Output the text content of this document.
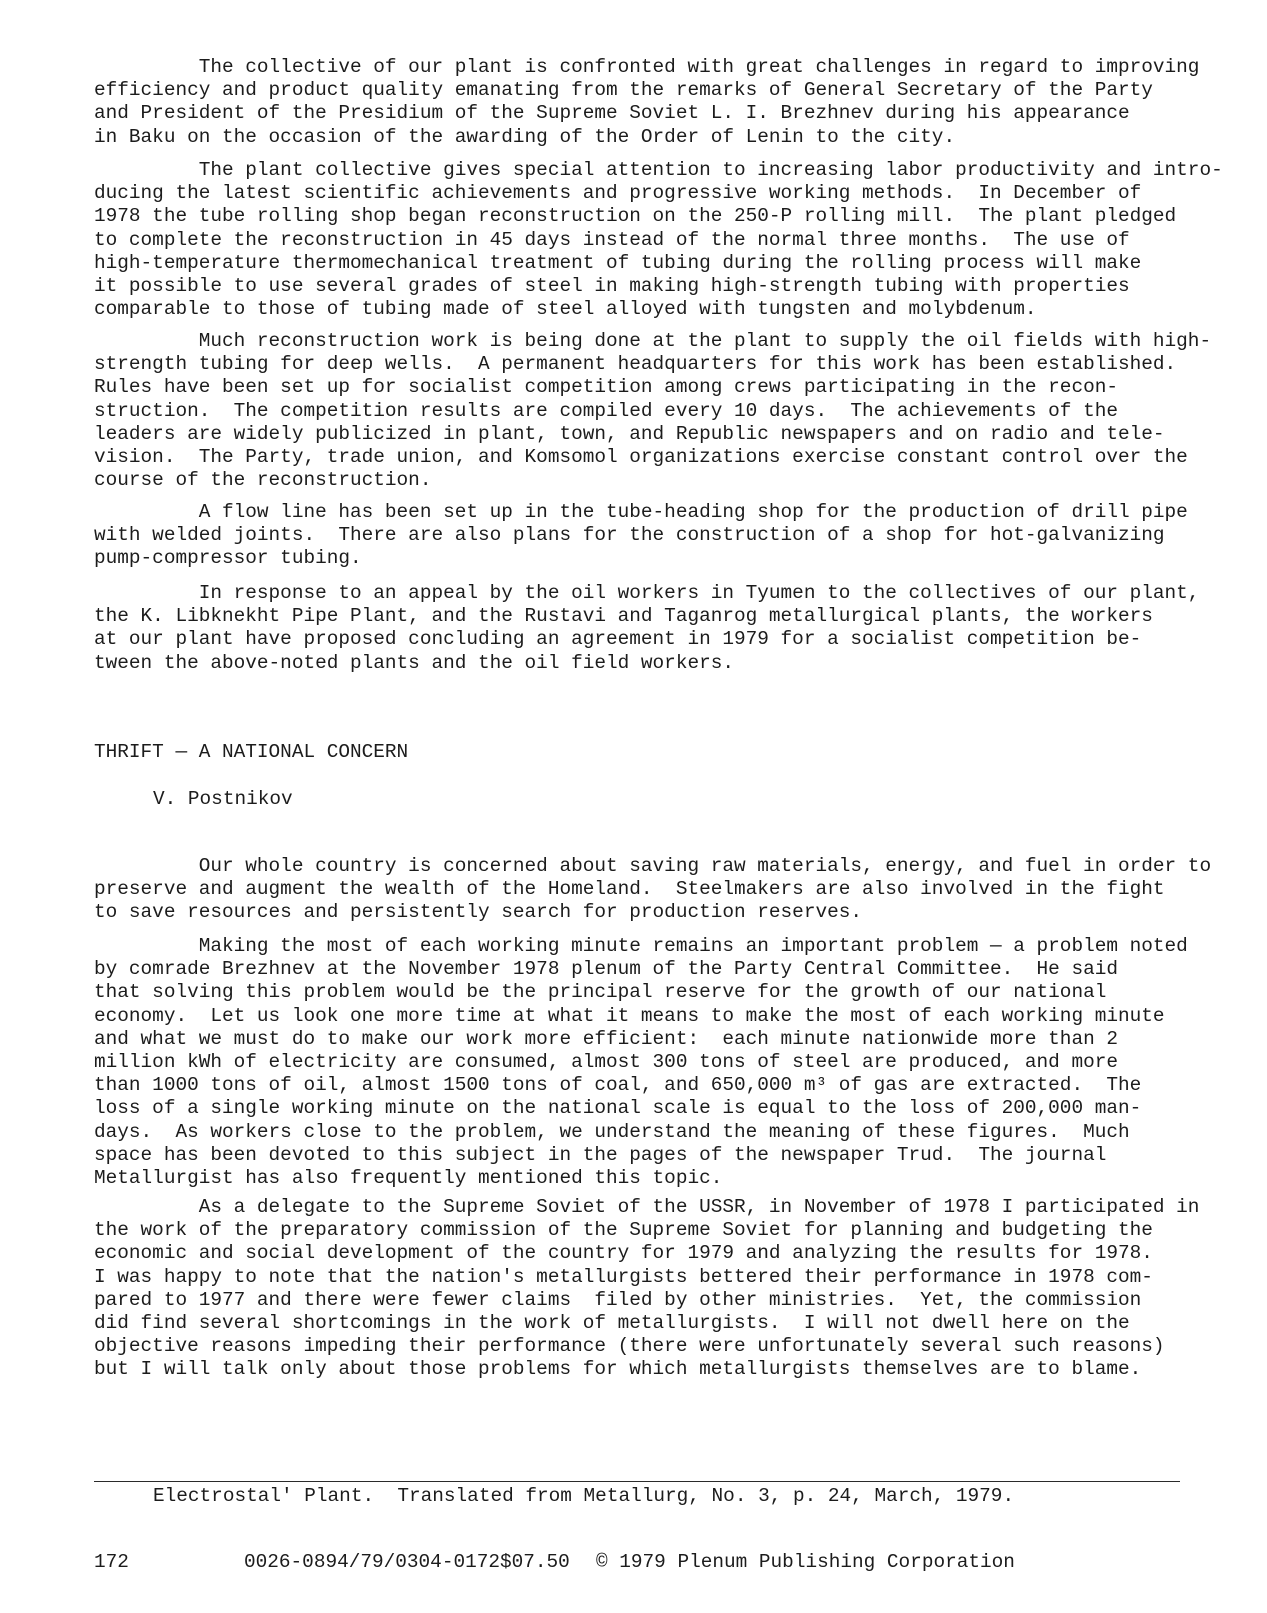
The collective of our plant is confronted with great challenges in regard to improving
efficiency and product quality emanating from the remarks of General Secretary of the Party
and President of the Presidium of the Supreme Soviet L. I. Brezhnev during his appearance
in Baku on the occasion of the awarding of the Order of Lenin to the city.
The plant collective gives special attention to increasing labor productivity and intro-
ducing the latest scientific achievements and progressive working methods.  In December of
1978 the tube rolling shop began reconstruction on the 250-P rolling mill.  The plant pledged
to complete the reconstruction in 45 days instead of the normal three months.  The use of
high-temperature thermomechanical treatment of tubing during the rolling process will make
it possible to use several grades of steel in making high-strength tubing with properties
comparable to those of tubing made of steel alloyed with tungsten and molybdenum.
Much reconstruction work is being done at the plant to supply the oil fields with high-
strength tubing for deep wells.  A permanent headquarters for this work has been established.
Rules have been set up for socialist competition among crews participating in the recon-
struction.  The competition results are compiled every 10 days.  The achievements of the
leaders are widely publicized in plant, town, and Republic newspapers and on radio and tele-
vision.  The Party, trade union, and Komsomol organizations exercise constant control over the
course of the reconstruction.
A flow line has been set up in the tube-heading shop for the production of drill pipe
with welded joints.  There are also plans for the construction of a shop for hot-galvanizing
pump-compressor tubing.
In response to an appeal by the oil workers in Tyumen to the collectives of our plant,
the K. Libknekht Pipe Plant, and the Rustavi and Taganrog metallurgical plants, the workers
at our plant have proposed concluding an agreement in 1979 for a socialist competition be-
tween the above-noted plants and the oil field workers.
THRIFT — A NATIONAL CONCERN
V. Postnikov
Our whole country is concerned about saving raw materials, energy, and fuel in order to
preserve and augment the wealth of the Homeland.  Steelmakers are also involved in the fight
to save resources and persistently search for production reserves.
Making the most of each working minute remains an important problem — a problem noted
by comrade Brezhnev at the November 1978 plenum of the Party Central Committee.  He said
that solving this problem would be the principal reserve for the growth of our national
economy.  Let us look one more time at what it means to make the most of each working minute
and what we must do to make our work more efficient:  each minute nationwide more than 2
million kWh of electricity are consumed, almost 300 tons of steel are produced, and more
than 1000 tons of oil, almost 1500 tons of coal, and 650,000 m³ of gas are extracted.  The
loss of a single working minute on the national scale is equal to the loss of 200,000 man-
days.  As workers close to the problem, we understand the meaning of these figures.  Much
space has been devoted to this subject in the pages of the newspaper Trud.  The journal
Metallurgist has also frequently mentioned this topic.
As a delegate to the Supreme Soviet of the USSR, in November of 1978 I participated in
the work of the preparatory commission of the Supreme Soviet for planning and budgeting the
economic and social development of the country for 1979 and analyzing the results for 1978.
I was happy to note that the nation's metallurgists bettered their performance in 1978 com-
pared to 1977 and there were fewer claims  filed by other ministries.  Yet, the commission
did find several shortcomings in the work of metallurgists.  I will not dwell here on the
objective reasons impeding their performance (there were unfortunately several such reasons)
but I will talk only about those problems for which metallurgists themselves are to blame.
Electrostal' Plant.  Translated from Metallurg, No. 3, p. 24, March, 1979.
172	0026-0894/79/0304-0172$07.50 © 1979 Plenum Publishing Corporation
